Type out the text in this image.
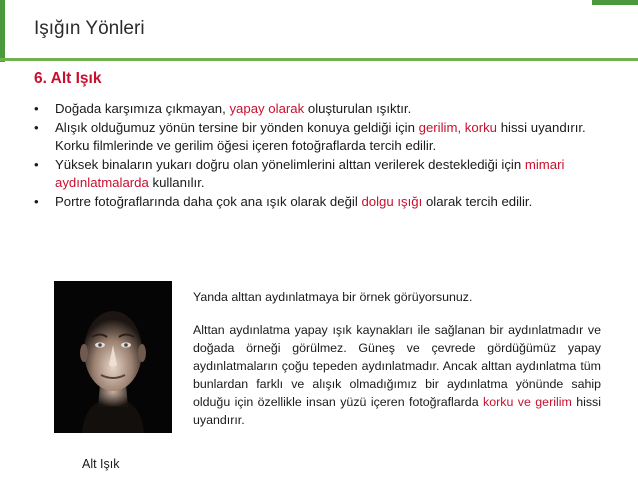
Işığın Yönleri
6. Alt Işık
• Doğada karşımıza çıkmayan, yapay olarak oluşturulan ışıktır.
• Alışık olduğumuz yönün tersine bir yönden konuya geldiği için gerilim, korku hissi uyandırır. Korku filmlerinde ve gerilim öğesi içeren fotoğraflarda tercih edilir.
• Yüksek binaların yukarı doğru olan yönelimlerini alttan verilerek desteklediği için mimari aydınlatmalarda kullanılır.
• Portre fotoğraflarında daha çok ana ışık olarak değil dolgu ışığı olarak tercih edilir.
Alt Işık

Yanda alttan aydınlatmaya bir örnek görüyorsunuz.

Alttan aydınlatma yapay ışık kaynakları ile sağlanan bir aydınlatmadır ve doğada örneği görülmez. Güneş ve çevrede gördüğümüz yapay aydınlatmaların çoğu tepeden aydınlatmadır. Ancak alttan aydınlatma tüm bunlardan farklı ve alışık olmadığımız bir aydınlatma yönünde sahip olduğu için özellikle insan yüzü içeren fotoğraflarda korku ve gerilim hissi uyandırır.
